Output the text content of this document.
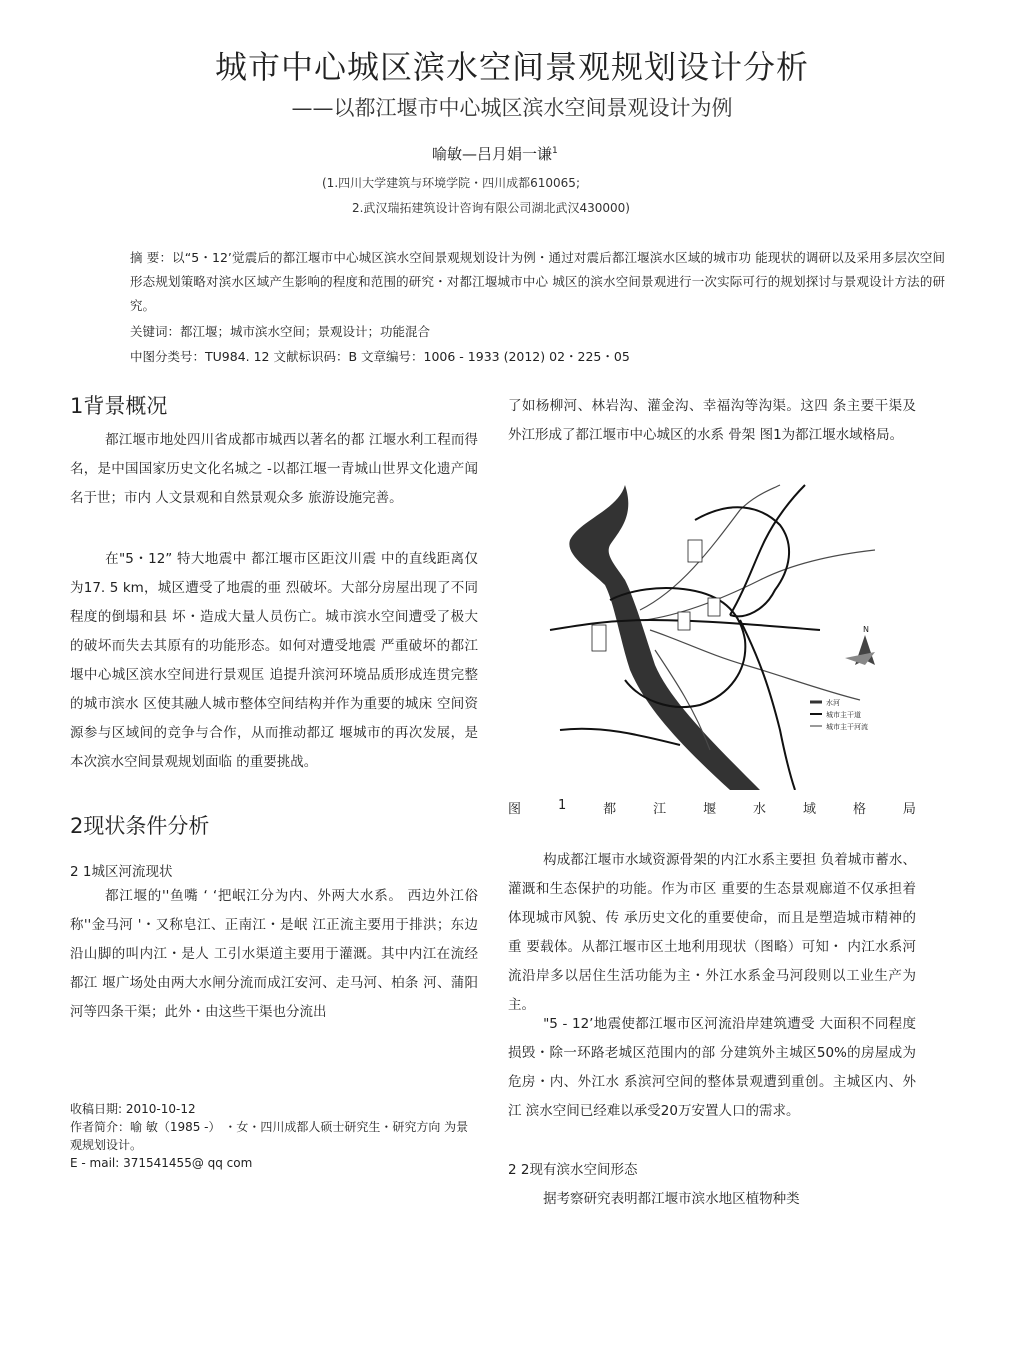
城市中心城区滨水空间景观规划设计分析
——以都江堰市中心城区滨水空间景观设计为例
喻敏—吕月娟一谦$^1$
(1.四川大学建筑与环境学院・四川成都610065;
2.武汉瑞拓建筑设计咨询有限公司湖北武汉430000)
摘 要：以“5・12’觉震后的都江堰市中心城区滨水空间景观规划设计为例・通过对震后都江堰滨水区域的城市功 能现状的调研以及采用多层次空间形态规划策略对滨水区域产生影响的程度和范围的研究・对都江堰城市中心 城区的滨水空间景观进行一次实际可行的规划探讨与景观设计方法的研究。
关键词：都江堰；城市滨水空间；景观设计；功能混合
中图分类号：TU984. 12 文献标识码：B 文章编号：1006 - 1933 (2012) 02・225・05
1背景概况
都江堰市地处四川省成都市城西以著名的都 江堰水利工程而得名，是中国国家历史文化名城之 -以都江堰一青城山世界文化遗产闻名于世；市内 人文景观和自然景观众多 旅游设施完善。
在"5・12” 特大地震中 都江堰市区距汶川震 中的直线距离仅为17. 5 km，城区遭受了地震的亜 烈破坏。大部分房屋出现了不同程度的倒塌和县 坏・造成大量人员伤亡。城市滨水空间遭受了极大 的破坏而失去其原有的功能形态。如何对遭受地震 严重破坏的都江堰中心城区滨水空间进行景观匡 追提升滨河环境品质形成连贯完整的城市滨水 区使其融人城市整体空间结构并作为重要的城床 空间资源参与区域间的竞争与合作，从而推动都辽 堰城市的再次发展，是本次滨水空间景观规划面临 的重要挑战。
2现状条件分析
2 1城区河流现状
都江堰的''鱼嘴 ‘ ‘把岷江分为内、外两大水系。 西边外江俗称''金马河 '・又称皂江、正南江・是岷 江正流主要用于排洪；东边沿山脚的叫内江・是人 工引水渠道主要用于灌溉。其中内江在流经都江 堰广场处由两大水闸分流而成江安河、走马河、柏条 河、蒲阳河等四条干渠；此外・由这些干渠也分流出
收稿日期: 2010-10-12
作者简介：喻 敏（1985 -） ・女・四川成都人硕士研究生・研究方向 为景观规划设计。
E - mail: 371541455@ qq com
了如杨柳河、林岩沟、灌金沟、幸福沟等沟渠。这四 条主要干渠及外江形成了都江堰市中心城区的水系 骨架 图1为都江堰水域格局。
水河
城市主干道
城市主干河流
N
图	1	都	江	堰	水	域	格	局
构成都江堰市水域资源骨架的内江水系主要担 负着城市蓄水、灌溉和生态保护的功能。作为市区 重要的生态景观廊道不仅承担着体现城市风貌、传 承历史文化的重要使命，而且是塑造城市精神的重 要载体。从都江堰市区土地利用现状（图略）可知・ 内江水系河流沿岸多以居住生活功能为主・外江水系金马河段则以工业生产为主。
"5 - 12’地震使都江堰市区河流沿岸建筑遭受 大面积不同程度损毁・除一环路老城区范围内的部 分建筑外主城区50%的房屋成为危房・内、外江水 系滨河空间的整体景观遭到重创。主城区内、外江 滨水空间已经难以承受20万安置人口的需求。
2 2现有滨水空间形态
据考察研究表明都江堰市滨水地区植物种类
